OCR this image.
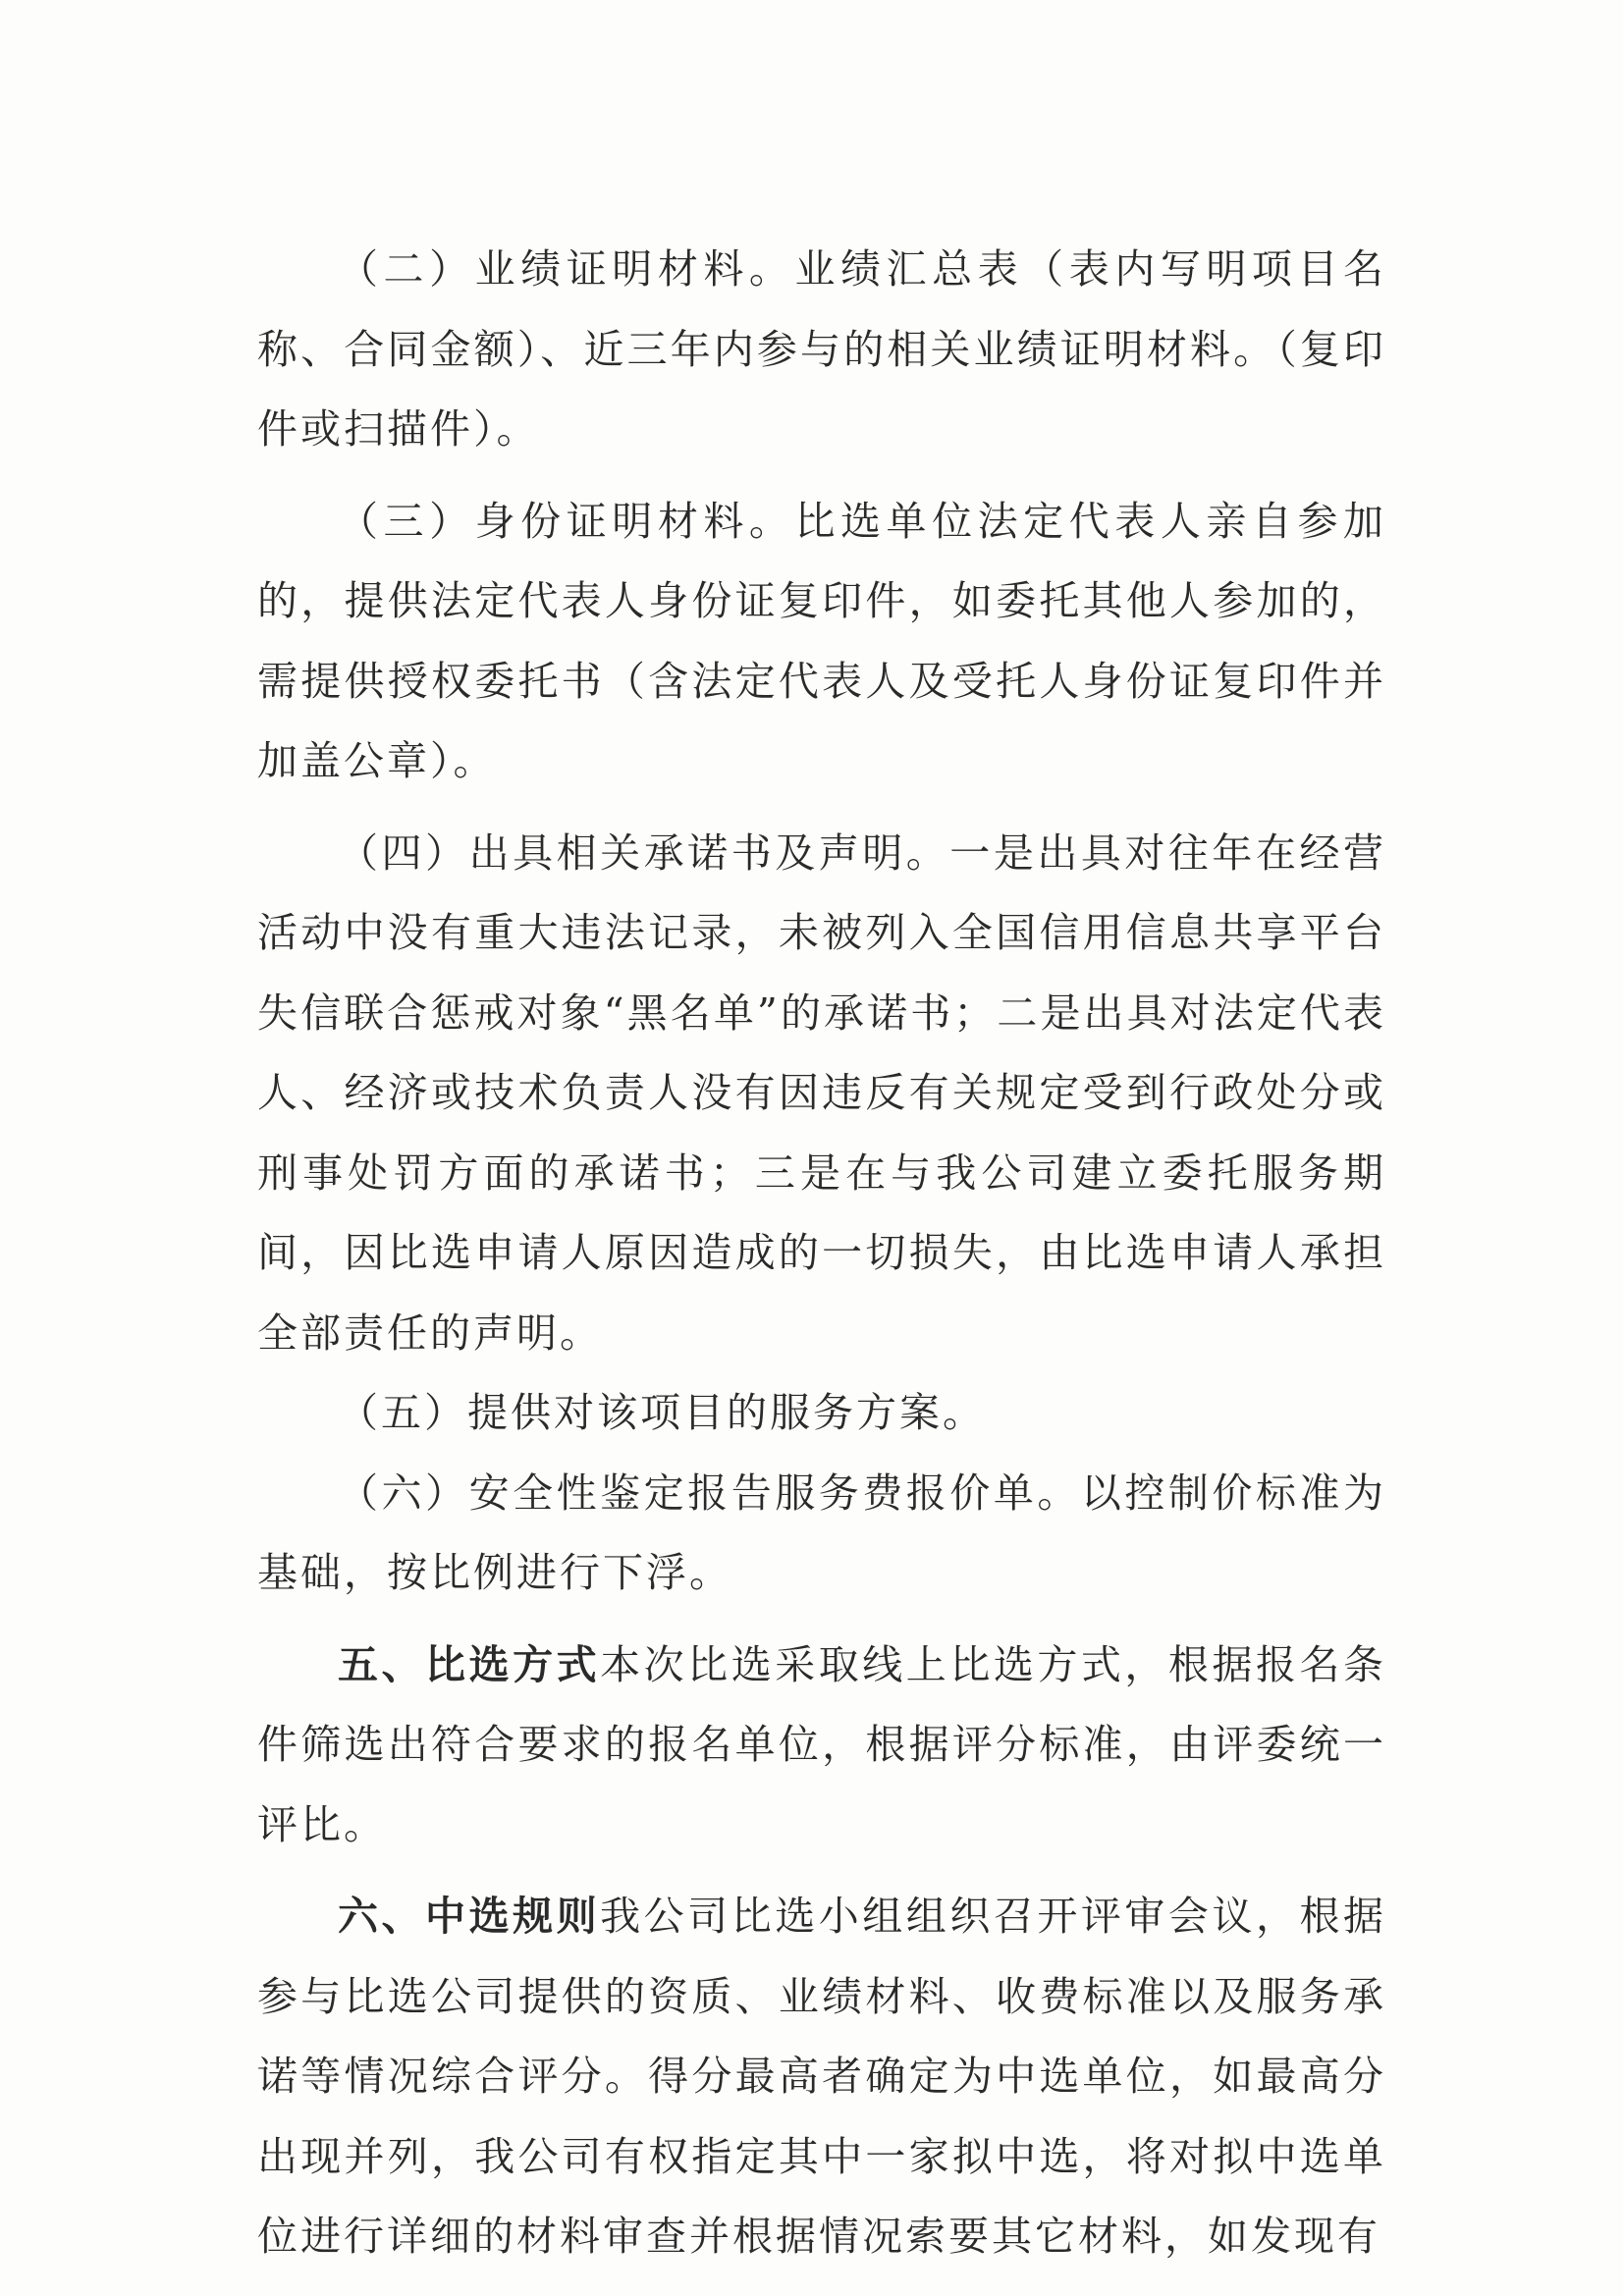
（二）业绩证明材料。业绩汇总表（表内写明项目名称、合同金额）、近三年内参与的相关业绩证明材料。（复印件或扫描件）。

（三）身份证明材料。比选单位法定代表人亲自参加的，提供法定代表人身份证复印件，如委托其他人参加的，需提供授权委托书（含法定代表人及受托人身份证复印件并加盖公章）。

（四）出具相关承诺书及声明。一是出具对往年在经营活动中没有重大违法记录，未被列入全国信用信息共享平台失信联合惩戒对象“黑名单”的承诺书；二是出具对法定代表人、经济或技术负责人没有因违反有关规定受到行政处分或刑事处罚方面的承诺书；三是在与我公司建立委托服务期间，因比选申请人原因造成的一切损失，由比选申请人承担全部责任的声明。

（五）提供对该项目的服务方案。

（六）安全性鉴定报告服务费报价单。以控制价标准为基础，按比例进行下浮。

五、比选方式本次比选采取线上比选方式，根据报名条件筛选出符合要求的报名单位，根据评分标准，由评委统一评比。

六、中选规则我公司比选小组组织召开评审会议，根据参与比选公司提供的资质、业绩材料、收费标准以及服务承诺等情况综合评分。得分最高者确定为中选单位，如最高分出现并列，我公司有权指定其中一家拟中选，将对拟中选单位进行详细的材料审查并根据情况索要其它材料，如发现有
